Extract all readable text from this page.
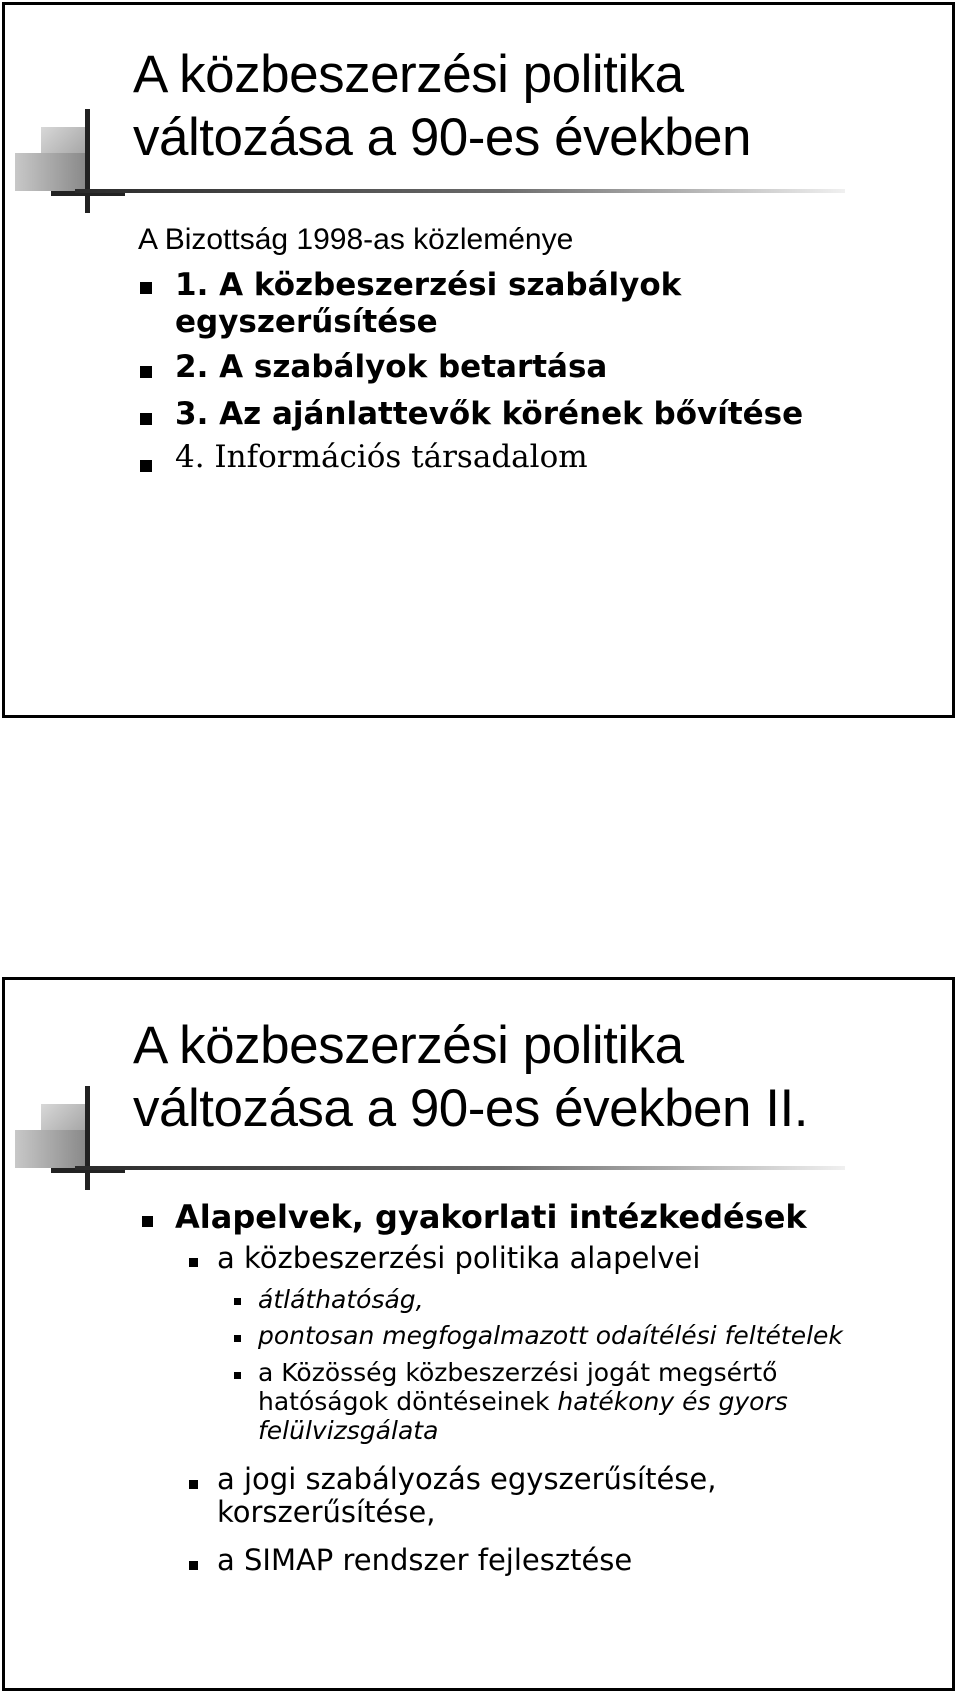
A közbeszerzési politika
változása a 90-es években
A Bizottság 1998-as közleménye
1. A közbeszerzési szabályok
egyszerűsítése
2. A szabályok betartása
3. Az ajánlattevők körének bővítése
4. Információs társadalom
A közbeszerzési politika
változása a 90-es években II.
Alapelvek, gyakorlati intézkedések
a közbeszerzési politika alapelvei
átláthatóság,
pontosan megfogalmazott odaítélési feltételek
a Közösség közbeszerzési jogát megsértő
hatóságok döntéseinek hatékony és gyors
felülvizsgálata
a jogi szabályozás egyszerűsítése,
korszerűsítése,
a SIMAP rendszer fejlesztése
